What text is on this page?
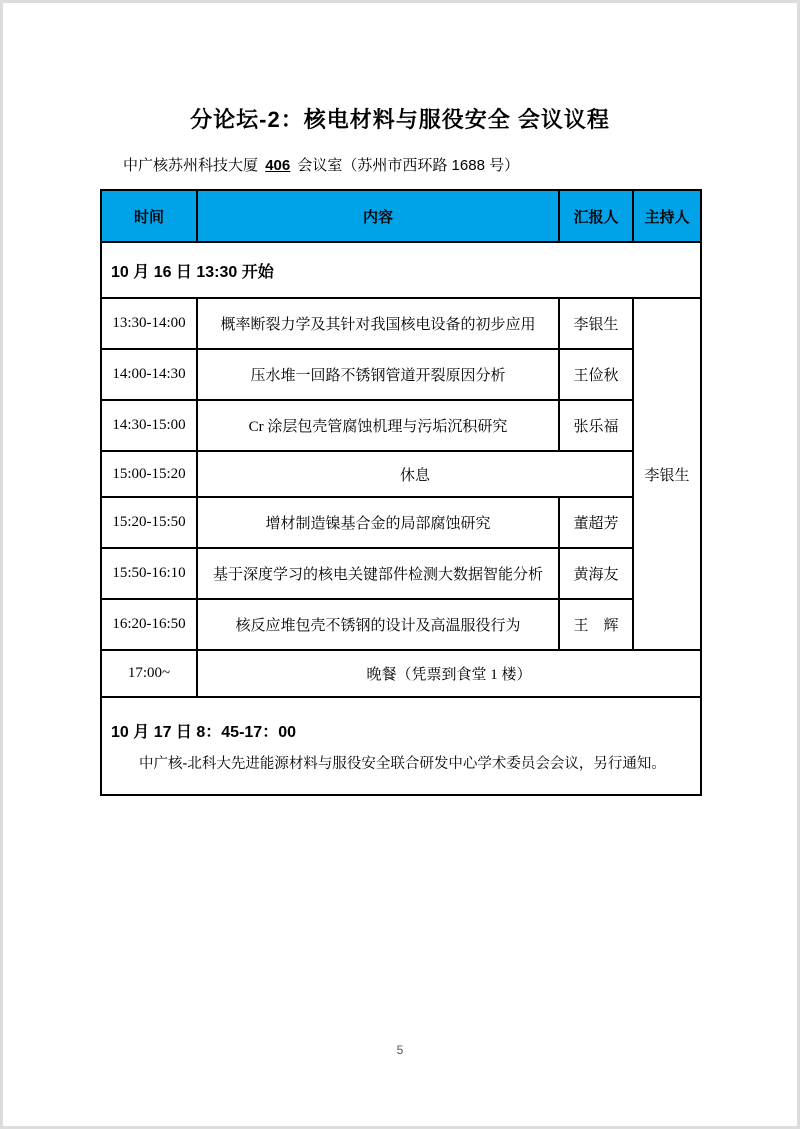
分论坛-2：核电材料与服役安全 会议议程
中广核苏州科技大厦 406 会议室（苏州市西环路 1688 号）
时间	内容	汇报人	主持人
10 月 16 日 13:30 开始			
13:30-14:00	概率断裂力学及其针对我国核电设备的初步应用	李银生	李银生
14:00-14:30	压水堆一回路不锈钢管道开裂原因分析	王俭秋	
14:30-15:00	Cr 涂层包壳管腐蚀机理与污垢沉积研究	张乐福	
15:00-15:20	休息		
15:20-15:50	增材制造镍基合金的局部腐蚀研究	董超芳	
15:50-16:10	基于深度学习的核电关键部件检测大数据智能分析	黄海友	
16:20-16:50	核反应堆包壳不锈钢的设计及高温服役行为	王　辉	
17:00~	晚餐（凭票到食堂 1 楼）		

10 月 17 日 8：45-17：00
中广核-北科大先进能源材料与服役安全联合研发中心学术委员会会议，另行通知。			
5
